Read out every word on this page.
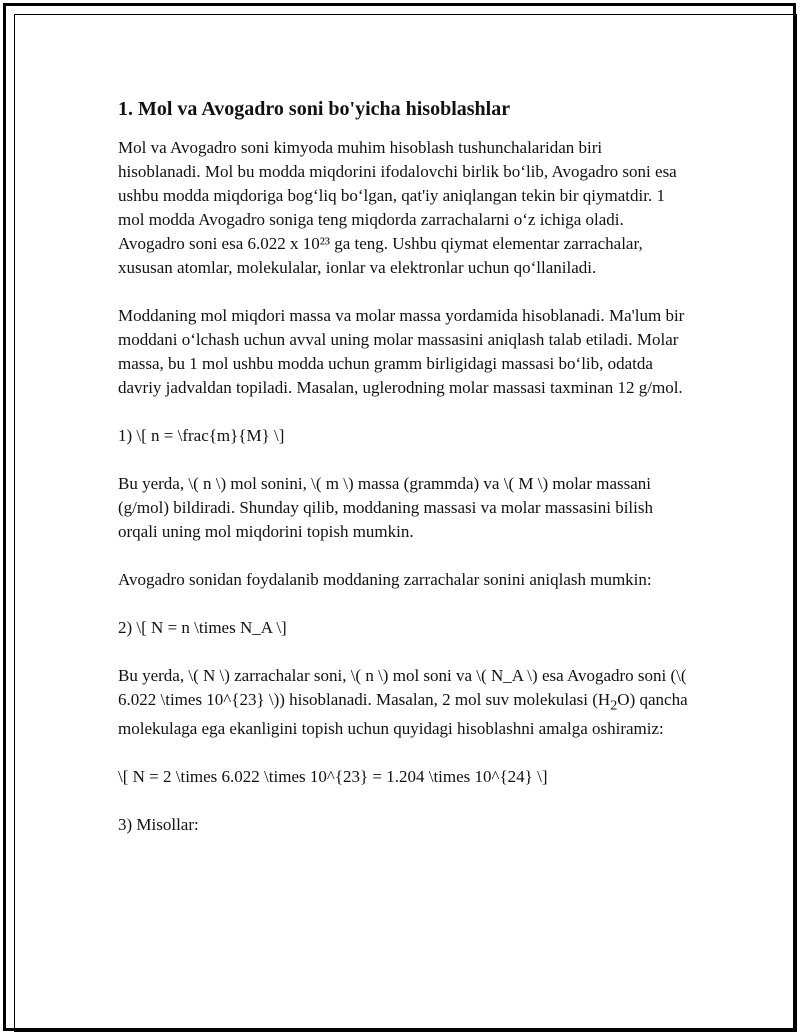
1. Mol va Avogadro soni bo'yicha hisoblashlar

Mol va Avogadro soni kimyoda muhim hisoblash tushunchalaridan biri hisoblanadi. Mol bu modda miqdorini ifodalovchi birlik bo‘lib, Avogadro soni esa ushbu modda miqdoriga bog‘liq bo‘lgan, qat'iy aniqlangan tekin bir qiymatdir. 1 mol modda Avogadro soniga teng miqdorda zarrachalarni o‘z ichiga oladi. Avogadro soni esa 6.022 x 10²³ ga teng. Ushbu qiymat elementar zarrachalar, xususan atomlar, molekulalar, ionlar va elektronlar uchun qo‘llaniladi.

Moddaning mol miqdori massa va molar massa yordamida hisoblanadi. Ma'lum bir moddani o‘lchash uchun avval uning molar massasini aniqlash talab etiladi. Molar massa, bu 1 mol ushbu modda uchun gramm birligidagi massasi bo‘lib, odatda davriy jadvaldan topiladi. Masalan, uglerodning molar massasi taxminan 12 g/mol.

1) \[ n = \frac{m}{M} \]

Bu yerda, \( n \) mol sonini, \( m \) massa (grammda) va \( M \) molar massani (g/mol) bildiradi. Shunday qilib, moddaning massasi va molar massasini bilish orqali uning mol miqdorini topish mumkin.

Avogadro sonidan foydalanib moddaning zarrachalar sonini aniqlash mumkin:

2) \[ N = n \times N_A \]

Bu yerda, \( N \) zarrachalar soni, \( n \) mol soni va \( N_A \) esa Avogadro soni (\( 6.022 \times 10^{23} \)) hisoblanadi. Masalan, 2 mol suv molekulasi $(H_2O)$ qancha molekulaga ega ekanligini topish uchun quyidagi hisoblashni amalga oshiramiz:

\[ N = 2 \times 6.022 \times 10^{23} = 1.204 \times 10^{24} \]

3) Misollar:
